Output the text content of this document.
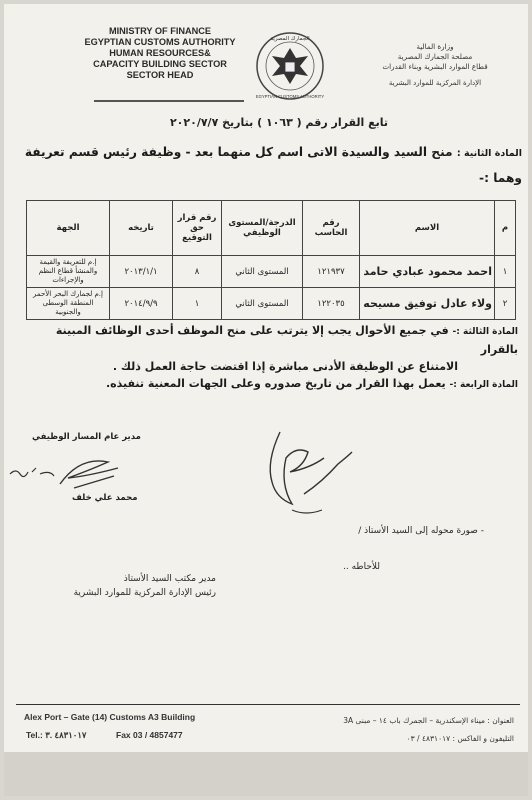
MINISTRY OF FINANCE
EGYPTIAN CUSTOMS AUTHORITY
HUMAN RESOURCES&
CAPACITY BUILDING SECTOR
SECTOR HEAD
الجمارك المصرية
EGYPTIAN CUSTOMS AUTHORITY
وزارة المالية
مصلحة الجمارك المصرية
قطاع الموارد البشرية وبناء القدرات
الإدارة المركزية للموارد البشرية
تابع القرار رقم ( ١٠٦٣ ) بتاريخ ٢٠٢٠/٧/٧
المادة الثانية : منح السيد والسيدة الاتى اسم كل منهما بعد - وظيفة رئيس قسم تعريفة
وهما :-
م	الاسم	رقم الحاسب	الدرجة/المستوى الوظيفي	رقم قرار حق التوقيع	تاريخه	الجهة
١	احمد محمود عبادي حامد	١٢١٩٣٧	المستوى الثاني	٨	٢٠١٣/١/١	إ.م للتعريفة والقيمة والمنشأ قطاع النظم والإجراءات
٢	ولاء عادل توفيق مسيحه	١٢٢٠٣٥	المستوى الثاني	١	٢٠١٤/٩/٩	إ.م لجمارك البحر الأحمر المنطقة الوسطى والجنوبية
المادة الثالثة :- في جميع الأحوال يجب إلا يترتب على منح الموظف أحدى الوظائف المبينة بالقرار
الامتناع عن الوظيفة الأدنى مباشرة إذا اقتضت حاجة العمل ذلك .
المادة الرابعة :- يعمل بهذا القرار من تاريخ صدوره وعلى الجهات المعنية تنفيذه.
مدير عام المسار الوظيفي
محمد علي خلف
- صورة محوله إلى السيد الأستاذ /
للأحاطه ..
مدير مكتب السيد الأستاذ
رئيس الإدارة المركزية للموارد البشرية
Alex Port – Gate (14) Customs A3 Building
Tel.: ٤٨٣١٠١٧ .٣	Fax 03 / 4857477
العنوان : ميناء الإسكندرية – الجمرك باب ١٤ – مبنى 3A
التليفون و الفاكس : ٤٨٣١٠١٧ / ٠٣
